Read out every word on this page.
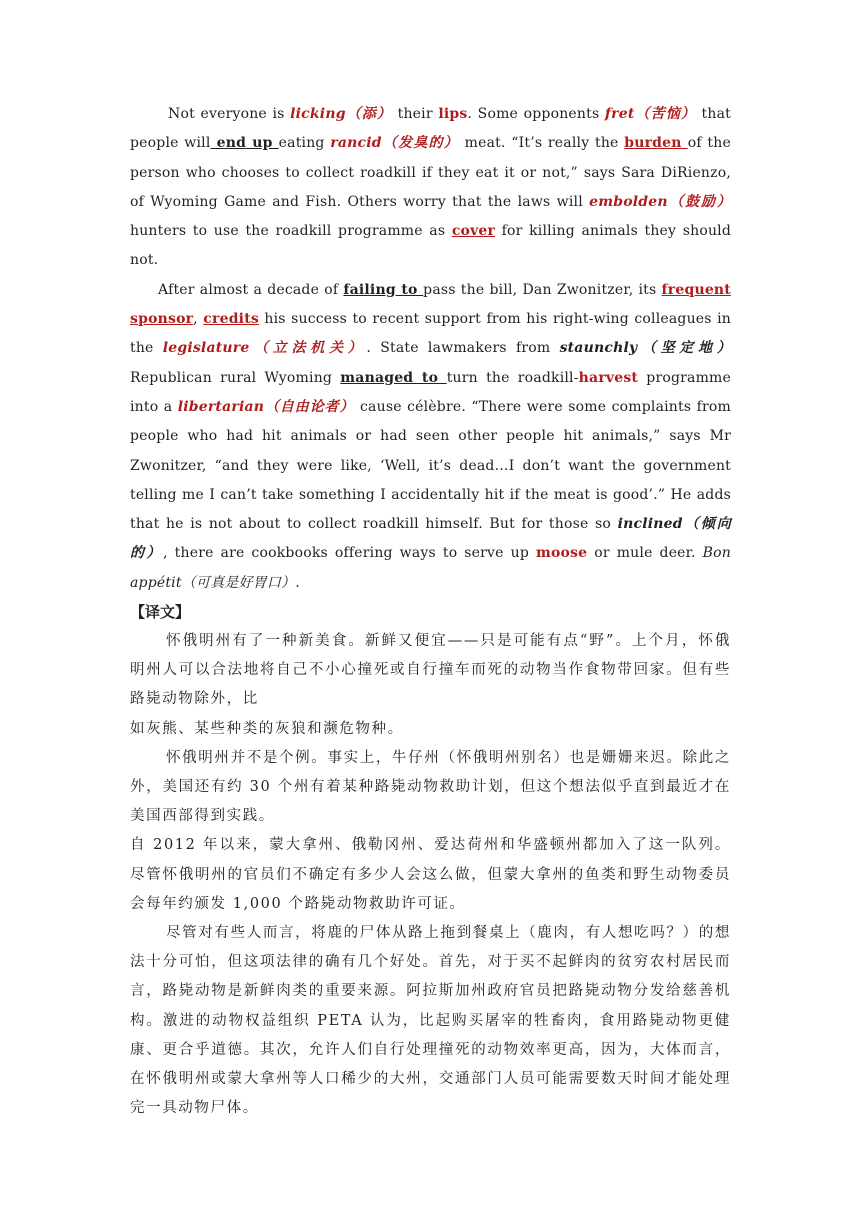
Not everyone is licking（添） their lips. Some opponents fret（苦恼） that people will end up eating rancid（发臭的） meat. “It’s really the burden of the person who chooses to collect roadkill if they eat it or not,” says Sara DiRienzo, of Wyoming Game and Fish. Others worry that the laws will embolden（鼓励） hunters to use the roadkill programme as cover for killing animals they should not.

After almost a decade of failing to pass the bill, Dan Zwonitzer, its frequent sponsor, credits his success to recent support from his right-wing colleagues in the legislature（立法机关）. State lawmakers from staunchly（坚定地） Republican rural Wyoming managed to turn the roadkill-harvest programme into a libertarian（自由论者） cause célèbre. “There were some complaints from people who had hit animals or had seen other people hit animals,” says Mr Zwonitzer, “and they were like, ‘Well, it’s dead…I don’t want the government telling me I can’t take something I accidentally hit if the meat is good’.” He adds that he is not about to collect roadkill himself. But for those so inclined（倾向的）, there are cookbooks offering ways to serve up moose or mule deer. Bon appétit（可真是好胃口）.

【译文】

怀俄明州有了一种新美食。新鲜又便宜——只是可能有点“野”。上个月，怀俄明州人可以合法地将自己不小心撞死或自行撞车而死的动物当作食物带回家。但有些路毙动物除外，比

如灰熊、某些种类的灰狼和濒危物种。

怀俄明州并不是个例。事实上，牛仔州（怀俄明州别名）也是姗姗来迟。除此之外，美国还有约 30 个州有着某种路毙动物救助计划，但这个想法似乎直到最近才在美国西部得到实践。

自 2012 年以来，蒙大拿州、俄勒冈州、爱达荷州和华盛顿州都加入了这一队列。尽管怀俄明州的官员们不确定有多少人会这么做，但蒙大拿州的鱼类和野生动物委员会每年约颁发 1,000 个路毙动物救助许可证。

尽管对有些人而言，将鹿的尸体从路上拖到餐桌上（鹿肉，有人想吃吗？）的想法十分可怕，但这项法律的确有几个好处。首先，对于买不起鲜肉的贫穷农村居民而言，路毙动物是新鲜肉类的重要来源。阿拉斯加州政府官员把路毙动物分发给慈善机构。激进的动物权益组织 PETA 认为，比起购买屠宰的牲畜肉，食用路毙动物更健康、更合乎道德。其次，允许人们自行处理撞死的动物效率更高，因为，大体而言，在怀俄明州或蒙大拿州等人口稀少的大州，交通部门人员可能需要数天时间才能处理完一具动物尸体。
